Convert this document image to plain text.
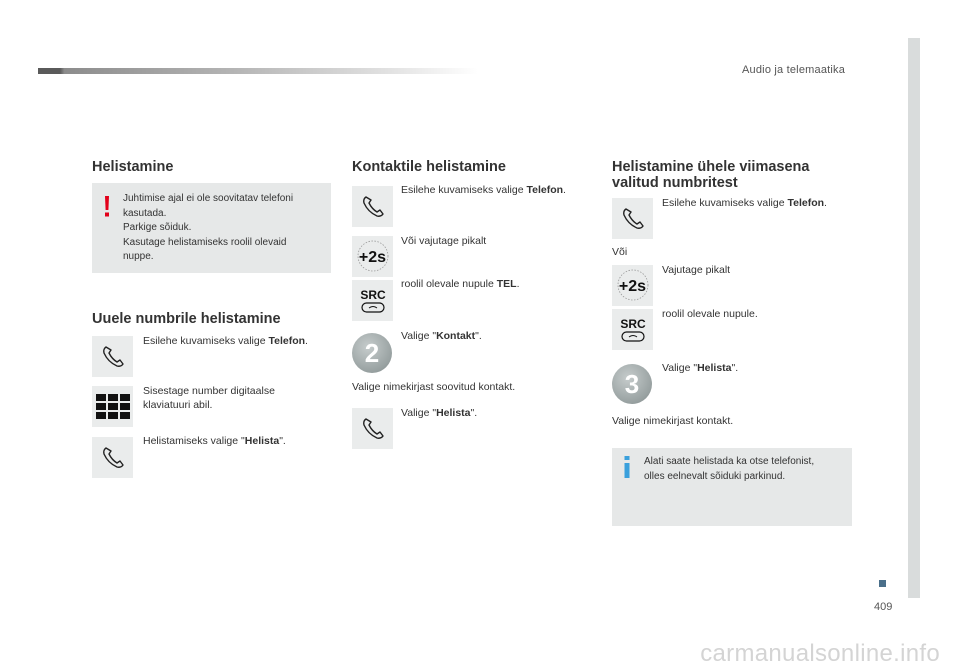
Audio ja telemaatika
409
carmanualsonline.info
Helistamine
Juhtimise ajal ei ole soovitatav telefoni
kasutada.
Parkige sõiduk.
Kasutage helistamiseks roolil olevaid
nuppe.
Uuele numbrile helistamine
Esilehe kuvamiseks valige Telefon.
Sisestage number digitaalse
klaviatuuri abil.
Helistamiseks valige "Helista".
Kontaktile helistamine
Esilehe kuvamiseks valige Telefon.
+2s
Või vajutage pikalt
SRC
roolil olevale nupule TEL.
2
Valige "Kontakt".
Valige nimekirjast soovitud kontakt.
Valige "Helista".
Helistamine ühele viimasena
valitud numbritest
Esilehe kuvamiseks valige Telefon.
Või
+2s
Vajutage pikalt
SRC
roolil olevale nupule.
3
Valige "Helista".
Valige nimekirjast kontakt.
Alati saate helistada ka otse telefonist,
olles eelnevalt sõiduki parkinud.
